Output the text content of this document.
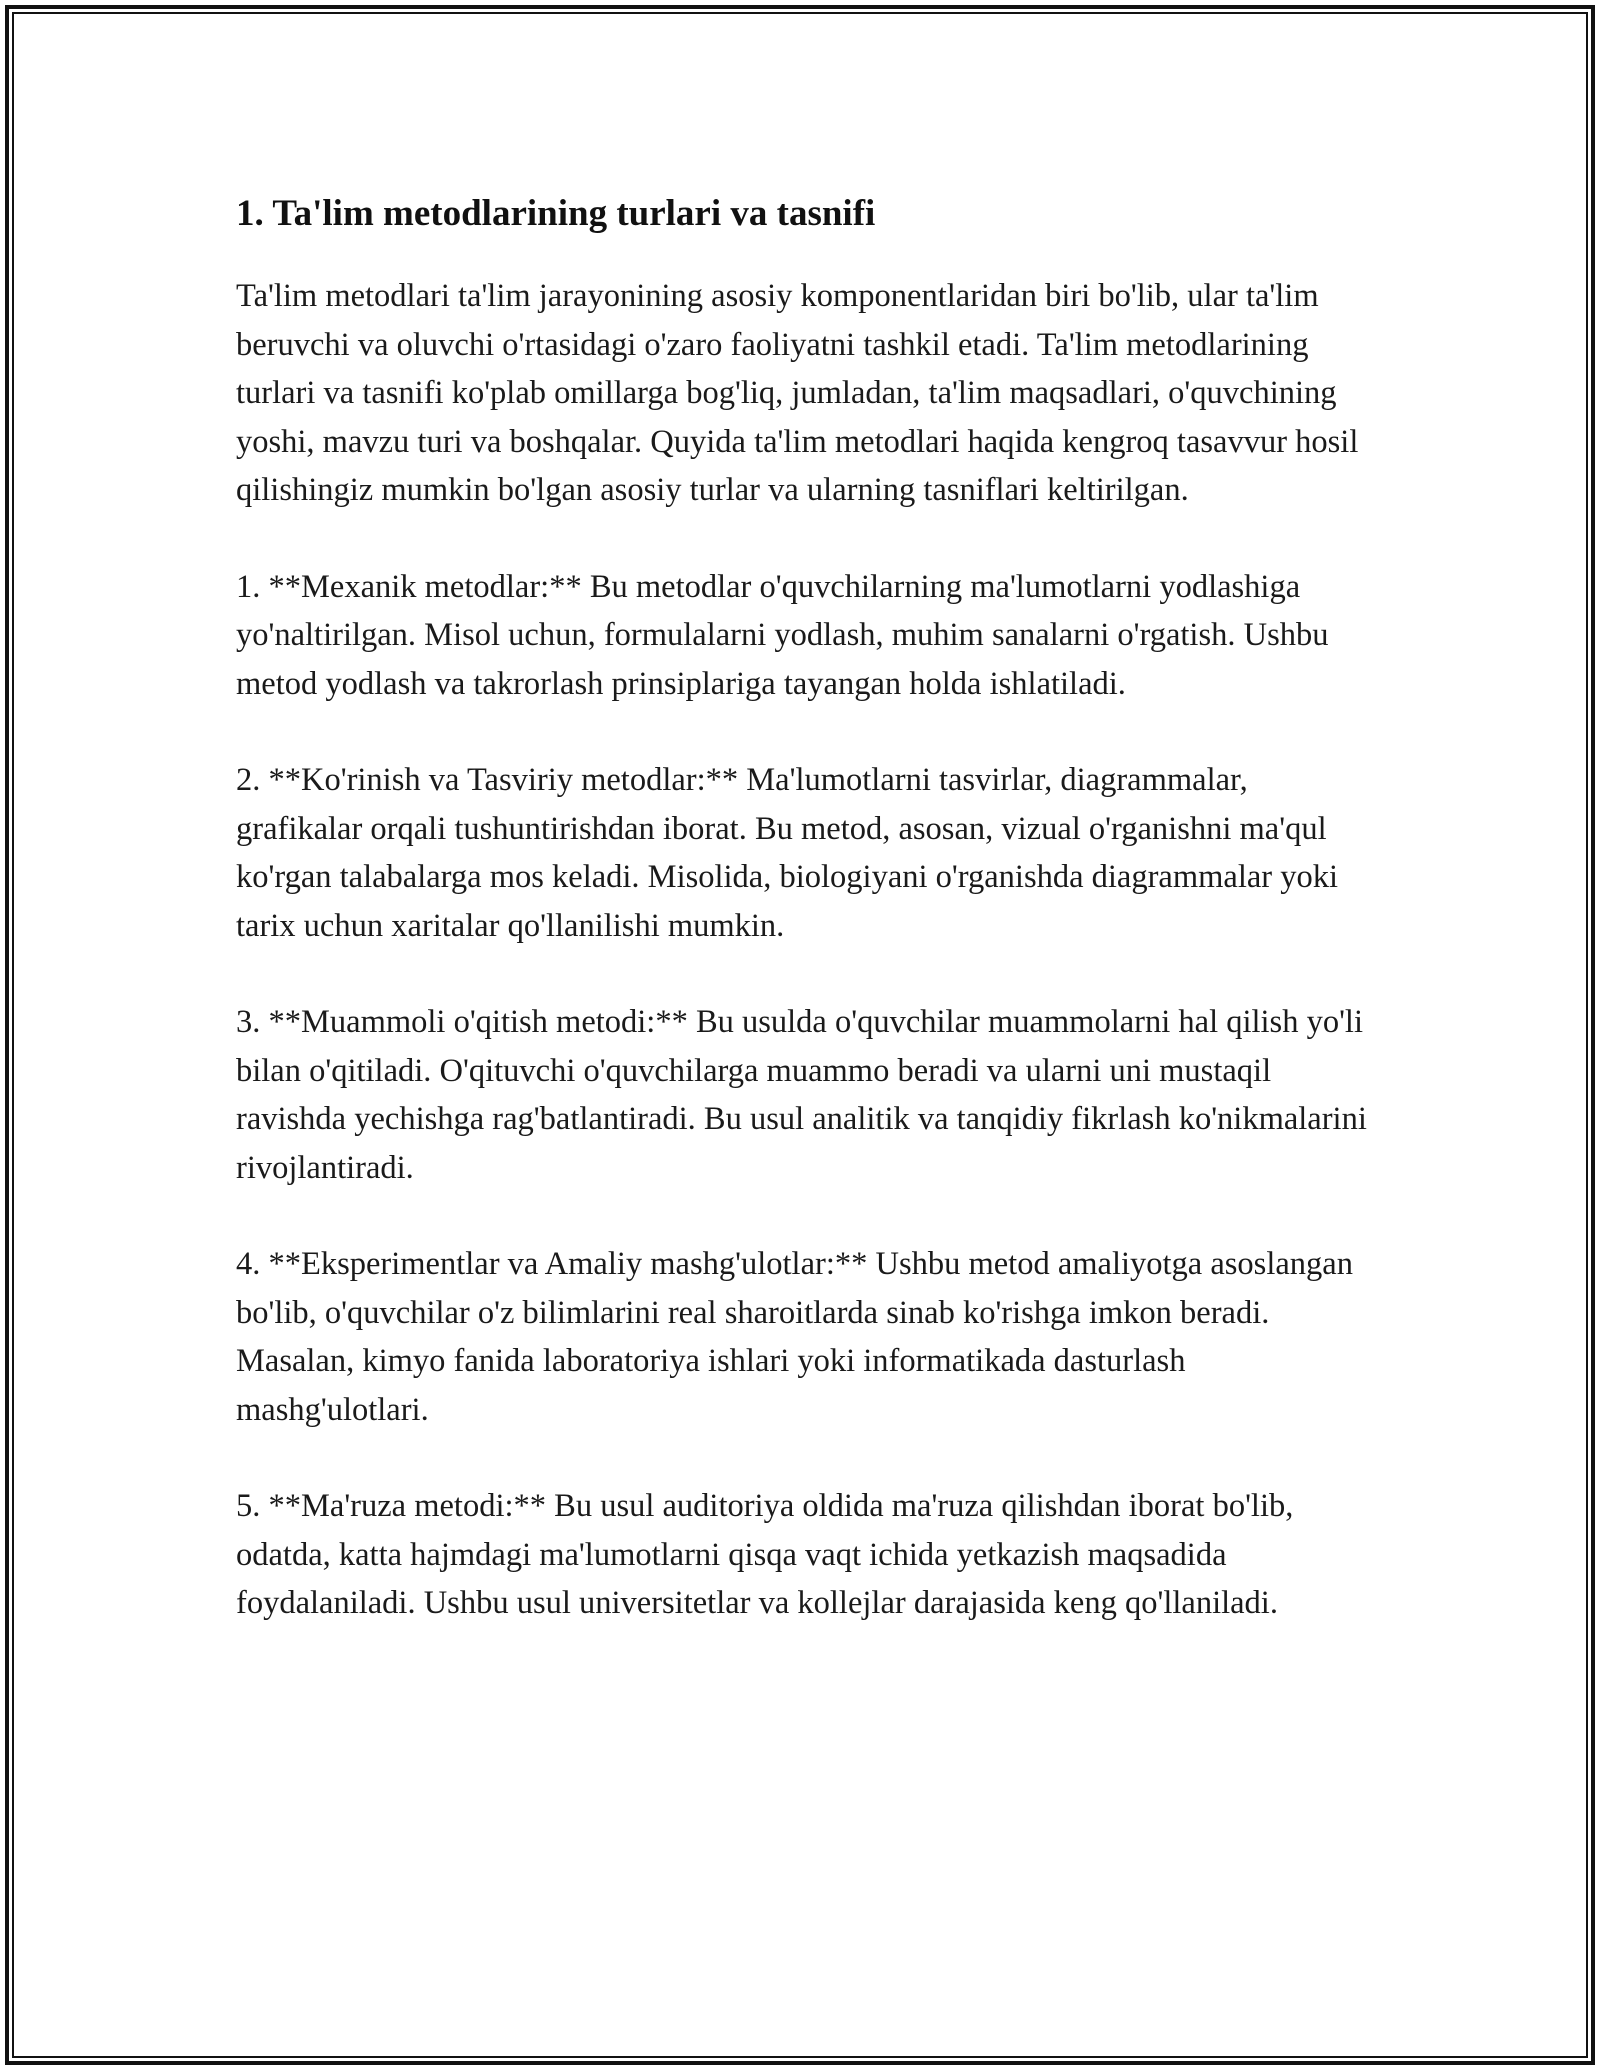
1. Ta'lim metodlarining turlari va tasnifi

Ta'lim metodlari ta'lim jarayonining asosiy komponentlaridan biri bo'lib, ular ta'lim beruvchi va oluvchi o'rtasidagi o'zaro faoliyatni tashkil etadi. Ta'lim metodlarining turlari va tasnifi ko'plab omillarga bog'liq, jumladan, ta'lim maqsadlari, o'quvchining yoshi, mavzu turi va boshqalar. Quyida ta'lim metodlari haqida kengroq tasavvur hosil qilishingiz mumkin bo'lgan asosiy turlar va ularning tasniflari keltirilgan.

1. **Mexanik metodlar:** Bu metodlar o'quvchilarning ma'lumotlarni yodlashiga yo'naltirilgan. Misol uchun, formulalarni yodlash, muhim sanalarni o'rgatish. Ushbu metod yodlash va takrorlash prinsiplariga tayangan holda ishlatiladi.

2. **Ko'rinish va Tasviriy metodlar:** Ma'lumotlarni tasvirlar, diagrammalar, grafikalar orqali tushuntirishdan iborat. Bu metod, asosan, vizual o'rganishni ma'qul ko'rgan talabalarga mos keladi. Misolida, biologiyani o'rganishda diagrammalar yoki tarix uchun xaritalar qo'llanilishi mumkin.

3. **Muammoli o'qitish metodi:** Bu usulda o'quvchilar muammolarni hal qilish yo'li bilan o'qitiladi. O'qituvchi o'quvchilarga muammo beradi va ularni uni mustaqil ravishda yechishga rag'batlantiradi. Bu usul analitik va tanqidiy fikrlash ko'nikmalarini rivojlantiradi.

4. **Eksperimentlar va Amaliy mashg'ulotlar:** Ushbu metod amaliyotga asoslangan bo'lib, o'quvchilar o'z bilimlarini real sharoitlarda sinab ko'rishga imkon beradi. Masalan, kimyo fanida laboratoriya ishlari yoki informatikada dasturlash mashg'ulotlari.

5. **Ma'ruza metodi:** Bu usul auditoriya oldida ma'ruza qilishdan iborat bo'lib, odatda, katta hajmdagi ma'lumotlarni qisqa vaqt ichida yetkazish maqsadida foydalaniladi. Ushbu usul universitetlar va kollejlar darajasida keng qo'llaniladi.
